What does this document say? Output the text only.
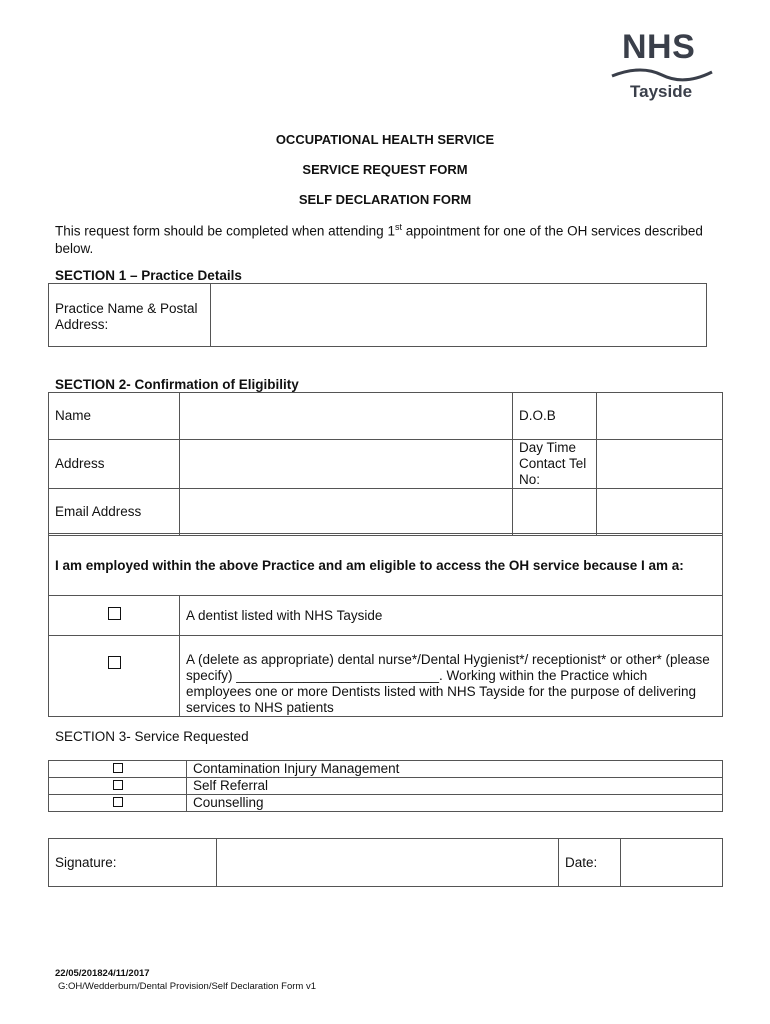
NHS
Tayside
OCCUPATIONAL HEALTH SERVICE
SERVICE REQUEST FORM
SELF DECLARATION FORM
This request form should be completed when attending 1st appointment for one of the OH services described below.
SECTION 1 – Practice Details
Practice Name & Postal Address:	
SECTION 2- Confirmation of Eligibility
Name		D.O.B	
Address		Day Time Contact Tel No:	
Email Address			
I am employed within the above Practice and am eligible to access the OH service because I am a:
	A dentist listed with NHS Tayside
	A (delete as appropriate) dental nurse*/Dental Hygienist*/ receptionist* or other* (please specify) ___________________________. Working within the Practice which employees one or more Dentists listed with NHS Tayside for the purpose of delivering services to NHS patients
SECTION 3- Service Requested
	Contamination Injury Management
	Self Referral
	Counselling
Signature:		Date:	
22/05/201824/11/2017
G:OH/Wedderburn/Dental Provision/Self Declaration Form v1
